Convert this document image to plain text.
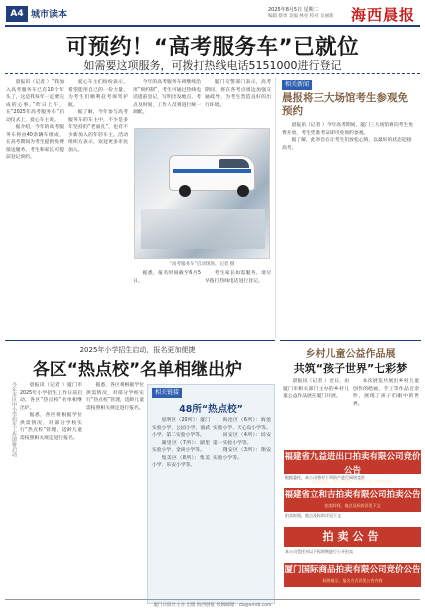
A4 城市读本	2025年8月5日 星期二
编辑 蔡勇 美编 林亮 校对 吴丽新 海西晨报
可预约！“高考服务车”已就位
如需要这项服务，可拨打热线电话5151000进行登记

晨报讯（记者 ）“我加入高考服务车已有10个年头了，这是我每年一定要完成的心事。”昨日上午，在“2025年高考服务车”启动仪式上，爱心车主说。

据介绍，今年的高考服务车将由40余辆车组成，在高考期间为考生提供免费接送服务，考生和家长可提前登记预约。

爱心车主们纷纷表示，希望能用自己的一份力量，为考生们顺利赶考保驾护航。

据了解，今年参与高考服务车的车主中，不少是多年坚持的“老面孔”，也有不少新加入的年轻车主。活动组织方表示，欢迎更多市民加入。

今年的高考服务车将继续沿用“预约制”，考生可通过热线电话提前登记，写明出发地点、考点及时间，工作人员将进行统一调配。

厦门交警部门表示，高考期间，将在各考点周边加强交通疏导，为考生营造良好的出行环境。

“高考服务车”启动现场。记者 摄

据悉，报名时间截至6月5日。

考生家长如需服务，请尽早拨打热线电话进行登记。

相关新闻
晨报将三大场馆考生参观免预约

晨报讯（记者 ）今年高考期间，厦门三大场馆将向考生免费开放，考生凭准考证即可免预约参观。

据了解，此举旨在让考生们放松心情，以最好的状态迎接高考。

2025年小学招生启动，报名更加便捷
各区“热点校”名单相继出炉
今年市区中小学招生工作即将启动	晨报讯（记者 ）厦门市2025年小学招生工作日前启动，各区“热点校”名单相继出炉。

据悉，各区将根据学位供需情况，对部分学校实行“热点校”管理，适龄儿童需按照相关规定进行报名。

据悉，各区将根据学位供需情况，对部分学校实行“热点校”管理，适龄儿童需按照相关规定进行报名。

相关链接
48所“热点校”

思明区（20所）：厦门实验小学、公园小学、演武小学、第二实验小学等。

湖里区（7所）：湖里实验小学、金尚小学等。

集美区（8所）：集美小学、乐安小学等。

海沧区（6所）：海沧实验小学、天心岛小学等。

同安区（4所）：同安第一实验小学等。

翔安区（3所）：翔安实验小学等。

乡村儿童公益作品展
共筑“孩子世界”七彩梦

晨报讯（记者 ）近日，由厦门市相关部门主办的乡村儿童公益作品展在厦门开展。

本次展览共展出乡村儿童创作的绘画、手工等作品百余件，展现了孩子们眼中的世界。

福建省九益进出口拍卖有限公司竞价公告
根据委托，本公司将对下列资产进行网络竞价
根据委托，本公司将对下列资产进行网络竞价
福建省立和吉拍卖有限公司拍卖公告
拍卖时间、地点及标的详见下文
拍卖时间、地点及标的详见下文
拍卖公告
本公司受托对以下标的物进行公开拍卖
厦门国际商品拍卖有限公司竞价公告
标的展示、报名方式详见公告内容
厦门日报社主办 出版 海西晨报 投稿邮箱：cb@xmrb.com
